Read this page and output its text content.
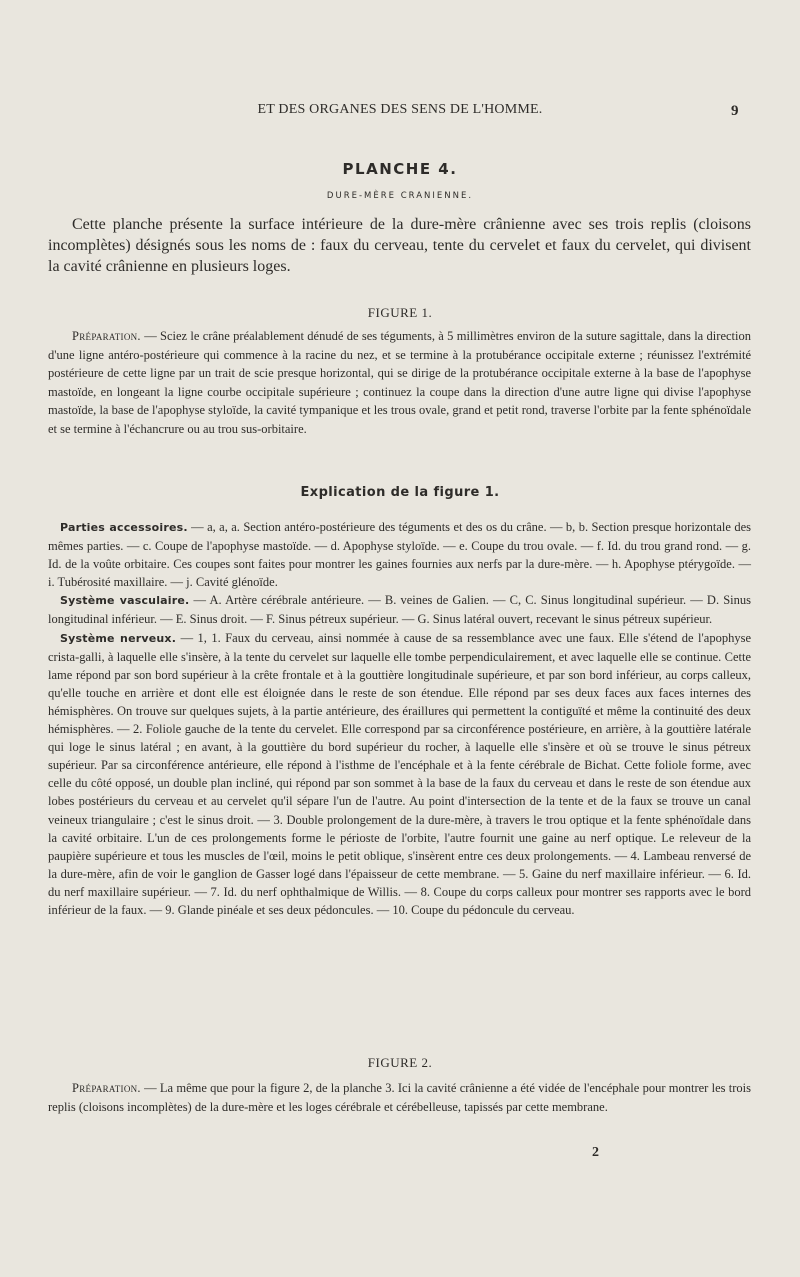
ET DES ORGANES DES SENS DE L'HOMME.	9
PLANCHE 4.
DURE-MÈRE CRANIENNE.
Cette planche présente la surface intérieure de la dure-mère crânienne avec ses trois replis (cloisons incomplètes) désignés sous les noms de : faux du cerveau, tente du cervelet et faux du cervelet, qui divisent la cavité crânienne en plusieurs loges.
FIGURE 1.
Préparation. — Sciez le crâne préalablement dénudé de ses téguments, à 5 millimètres environ de la suture sagittale, dans la direction d'une ligne antéro-postérieure qui commence à la racine du nez, et se termine à la protubérance occipitale externe ; réunissez l'extrémité postérieure de cette ligne par un trait de scie presque horizontal, qui se dirige de la protubérance occipitale externe à la base de l'apophyse mastoïde, en longeant la ligne courbe occipitale supérieure ; continuez la coupe dans la direction d'une autre ligne qui divise l'apophyse mastoïde, la base de l'apophyse styloïde, la cavité tympanique et les trous ovale, grand et petit rond, traverse l'orbite par la fente sphénoïdale et se termine à l'échancrure ou au trou sus-orbitaire.
Explication de la figure 1.

Parties accessoires. — a, a, a. Section antéro-postérieure des téguments et des os du crâne. — b, b. Section presque horizontale des mêmes parties. — c. Coupe de l'apophyse mastoïde. — d. Apophyse styloïde. — e. Coupe du trou ovale. — f. Id. du trou grand rond. — g. Id. de la voûte orbitaire. Ces coupes sont faites pour montrer les gaines fournies aux nerfs par la dure-mère. — h. Apophyse ptérygoïde. — i. Tubérosité maxillaire. — j. Cavité glénoïde.

Système vasculaire. — A. Artère cérébrale antérieure. — B. veines de Galien. — C, C. Sinus longitudinal supérieur. — D. Sinus longitudinal inférieur. — E. Sinus droit. — F. Sinus pétreux supérieur. — G. Sinus latéral ouvert, recevant le sinus pétreux supérieur.

Système nerveux. — 1, 1. Faux du cerveau, ainsi nommée à cause de sa ressemblance avec une faux. Elle s'étend de l'apophyse crista-galli, à laquelle elle s'insère, à la tente du cervelet sur laquelle elle tombe perpendiculairement, et avec laquelle elle se continue. Cette lame répond par son bord supérieur à la crête frontale et à la gouttière longitudinale supérieure, et par son bord inférieur, au corps calleux, qu'elle touche en arrière et dont elle est éloignée dans le reste de son étendue. Elle répond par ses deux faces aux faces internes des hémisphères. On trouve sur quelques sujets, à la partie antérieure, des éraillures qui permettent la contiguïté et même la continuité des deux hémisphères. — 2. Foliole gauche de la tente du cervelet. Elle correspond par sa circonférence postérieure, en arrière, à la gouttière latérale qui loge le sinus latéral ; en avant, à la gouttière du bord supérieur du rocher, à laquelle elle s'insère et où se trouve le sinus pétreux supérieur. Par sa circonférence antérieure, elle répond à l'isthme de l'encéphale et à la fente cérébrale de Bichat. Cette foliole forme, avec celle du côté opposé, un double plan incliné, qui répond par son sommet à la base de la faux du cerveau et dans le reste de son étendue aux lobes postérieurs du cerveau et au cervelet qu'il sépare l'un de l'autre. Au point d'intersection de la tente et de la faux se trouve un canal veineux triangulaire ; c'est le sinus droit. — 3. Double prolongement de la dure-mère, à travers le trou optique et la fente sphénoïdale dans la cavité orbitaire. L'un de ces prolongements forme le périoste de l'orbite, l'autre fournit une gaine au nerf optique. Le releveur de la paupière supérieure et tous les muscles de l'œil, moins le petit oblique, s'insèrent entre ces deux prolongements. — 4. Lambeau renversé de la dure-mère, afin de voir le ganglion de Gasser logé dans l'épaisseur de cette membrane. — 5. Gaine du nerf maxillaire inférieur. — 6. Id. du nerf maxillaire supérieur. — 7. Id. du nerf ophthalmique de Willis. — 8. Coupe du corps calleux pour montrer ses rapports avec le bord inférieur de la faux. — 9. Glande pinéale et ses deux pédoncules. — 10. Coupe du pédoncule du cerveau.

FIGURE 2.
Préparation. — La même que pour la figure 2, de la planche 3. Ici la cavité crânienne a été vidée de l'encéphale pour montrer les trois replis (cloisons incomplètes) de la dure-mère et les loges cérébrale et cérébelleuse, tapissés par cette membrane.
2
